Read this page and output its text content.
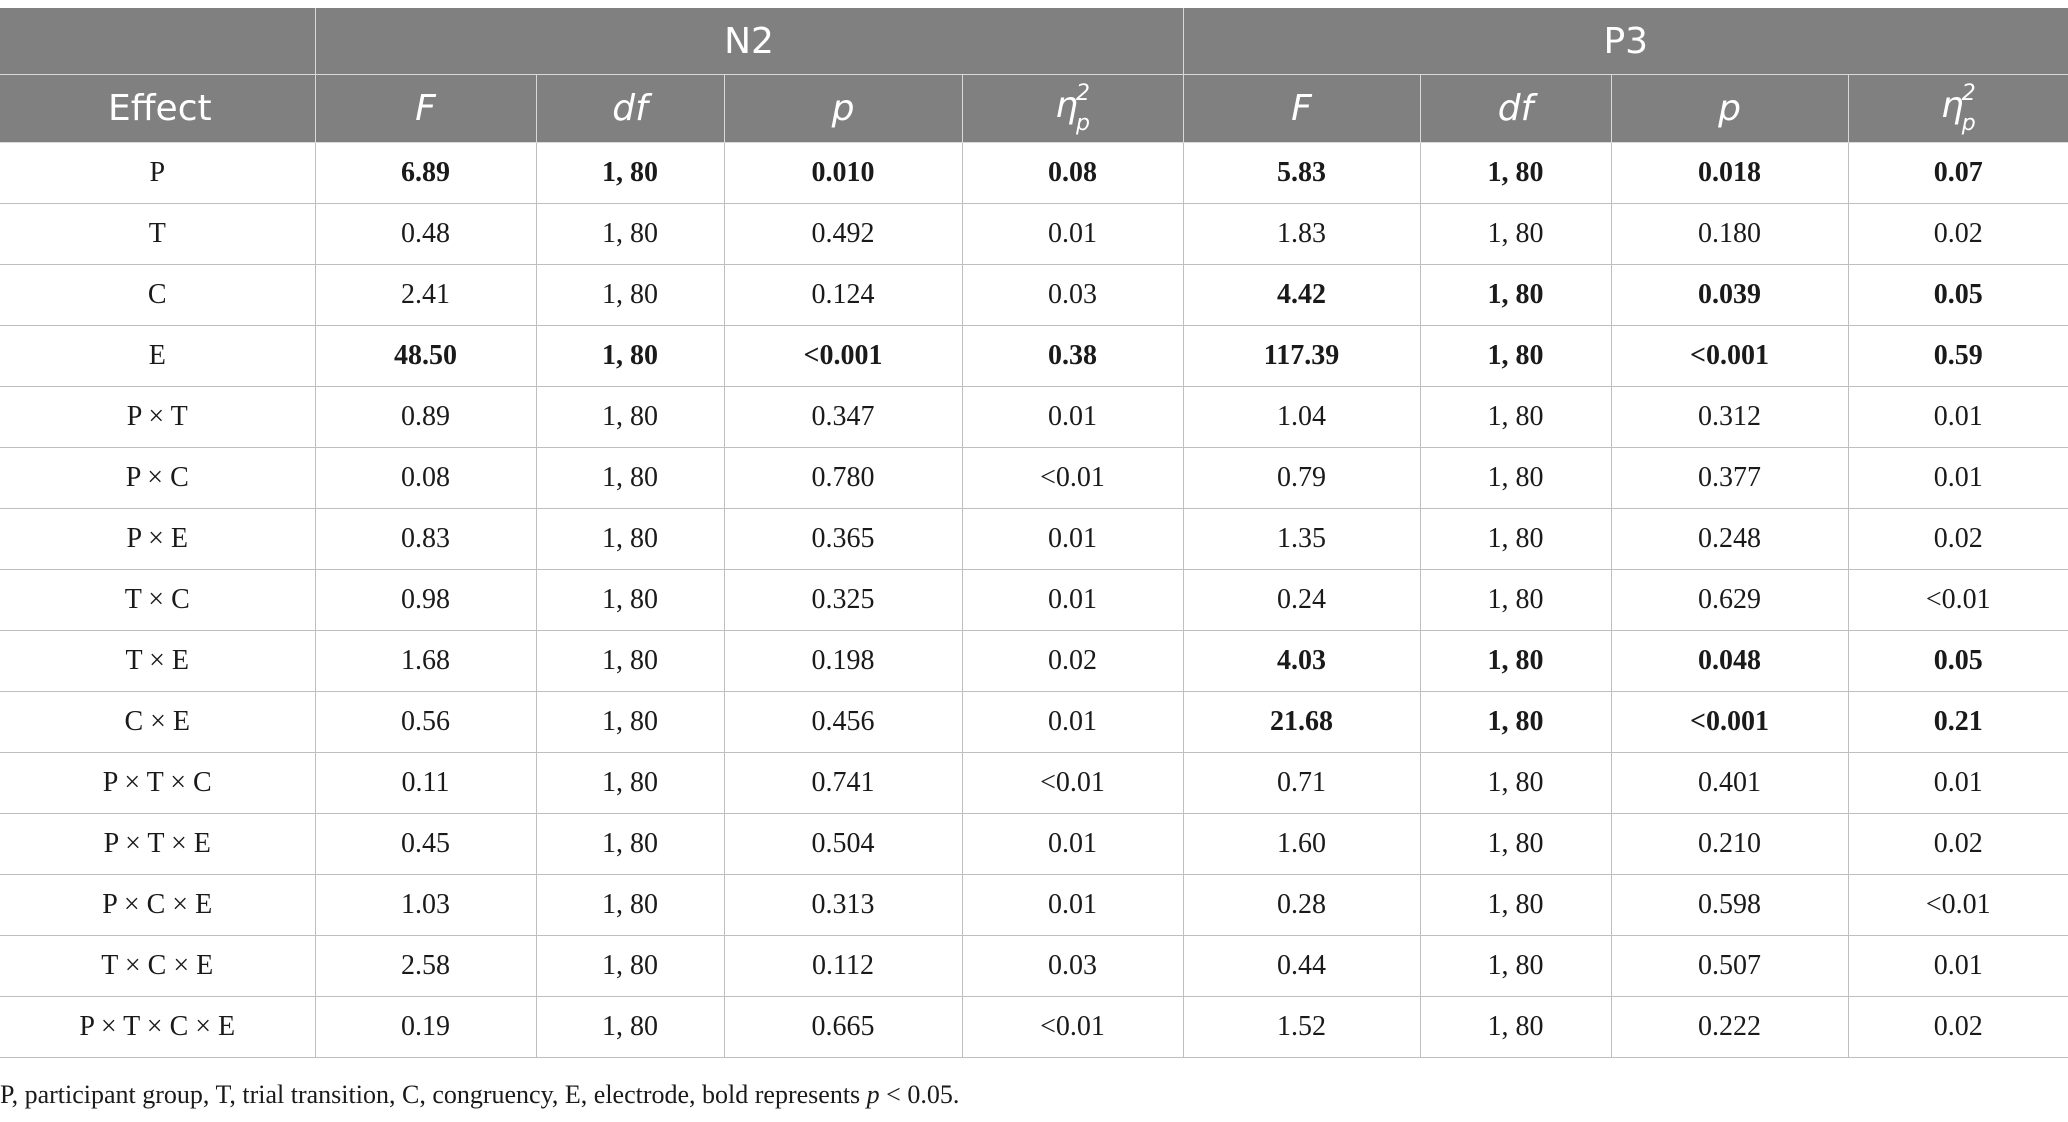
	N2				P3			
Effect	F	df	p	$\eta^2_p$	F	df	p	$\eta^2_p$
P	6.89	1, 80	0.010	0.08	5.83	1, 80	0.018	0.07
T	0.48	1, 80	0.492	0.01	1.83	1, 80	0.180	0.02
C	2.41	1, 80	0.124	0.03	4.42	1, 80	0.039	0.05
E	48.50	1, 80	<0.001	0.38	117.39	1, 80	<0.001	0.59
P × T	0.89	1, 80	0.347	0.01	1.04	1, 80	0.312	0.01
P × C	0.08	1, 80	0.780	<0.01	0.79	1, 80	0.377	0.01
P × E	0.83	1, 80	0.365	0.01	1.35	1, 80	0.248	0.02
T × C	0.98	1, 80	0.325	0.01	0.24	1, 80	0.629	<0.01
T × E	1.68	1, 80	0.198	0.02	4.03	1, 80	0.048	0.05
C × E	0.56	1, 80	0.456	0.01	21.68	1, 80	<0.001	0.21
P × T × C	0.11	1, 80	0.741	<0.01	0.71	1, 80	0.401	0.01
P × T × E	0.45	1, 80	0.504	0.01	1.60	1, 80	0.210	0.02
P × C × E	1.03	1, 80	0.313	0.01	0.28	1, 80	0.598	<0.01
T × C × E	2.58	1, 80	0.112	0.03	0.44	1, 80	0.507	0.01
P × T × C × E	0.19	1, 80	0.665	<0.01	1.52	1, 80	0.222	0.02
P, participant group, T, trial transition, C, congruency, E, electrode, bold represents p < 0.05.
